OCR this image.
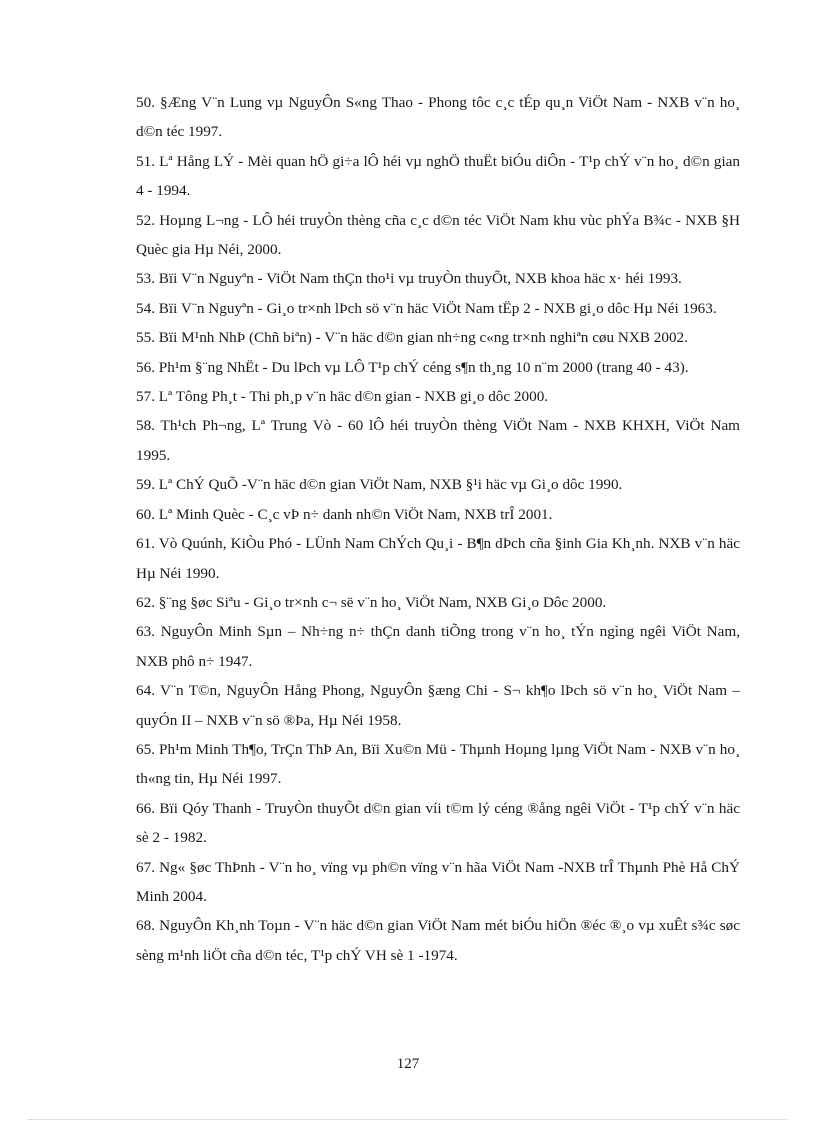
50. §Æng V¨n Lung vµ NguyÔn S«ng Thao - Phong tôc c¸c tÉp qu¸n ViÖt Nam - NXB v¨n ho¸ d©n téc 1997.

51. Lª Hång LÝ - Mèi quan hÖ gi÷a lÔ héi vµ nghÖ thuËt biÓu diÔn - T¹p chÝ v¨n ho¸ d©n gian 4 - 1994.

52. Hoµng L¬ng - LÔ héi truyÒn thèng cña c¸c d©n téc ViÖt Nam khu vùc phÝa B¾c - NXB §H Quèc gia Hµ Néi, 2000.

53. Bïi V¨n Nguyªn - ViÖt Nam thÇn tho¹i vµ truyÒn thuyÕt, NXB khoa häc x· héi 1993.

54. Bïi V¨n Nguyªn - Gi¸o tr×nh lÞch sö v¨n häc ViÖt Nam tËp 2 - NXB gi¸o dôc Hµ Néi 1963.

55. Bïi M¹nh NhÞ (Chñ biªn) - V¨n häc d©n gian nh÷ng c«ng tr×nh nghiªn cøu NXB 2002.

56. Ph¹m §¨ng NhËt - Du lÞch vµ LÔ T¹p chÝ céng s¶n th¸ng 10 n¨m 2000 (trang 40 - 43).

57. Lª Tông Ph¸t - Thi ph¸p v¨n häc d©n gian - NXB gi¸o dôc 2000.

58. Th¹ch Ph¬ng, Lª Trung Vò - 60 lÔ héi truyÒn thèng ViÖt Nam - NXB KHXH, ViÖt Nam 1995.

59. Lª ChÝ QuÕ -V¨n häc d©n gian ViÖt Nam, NXB §¹i häc vµ Gi¸o dôc 1990.

60. Lª Minh Quèc - C¸c vÞ n÷ danh nh©n ViÖt Nam, NXB trÎ 2001.

61. Vò Quúnh, KiÒu Phó - LÜnh Nam ChÝch Qu¸i - B¶n dÞch cña §inh Gia Kh¸nh. NXB v¨n häc Hµ Néi 1990.

62. §¨ng §øc Siªu - Gi¸o tr×nh c¬ së v¨n ho¸ ViÖt Nam, NXB Gi¸o Dôc 2000.

63. NguyÔn Minh Sµn – Nh÷ng n÷ thÇn danh tiÕng trong v¨n ho¸ tÝn ngìng ngêi ViÖt Nam, NXB phô n÷ 1947.

64. V¨n T©n, NguyÔn Hång Phong, NguyÔn §æng Chi - S¬ kh¶o lÞch sö v¨n ho¸ ViÖt Nam – quyÓn II – NXB v¨n sö ®Þa, Hµ Néi 1958.

65. Ph¹m Minh Th¶o, TrÇn ThÞ An, Bïi Xu©n Mü - Thµnh Hoµng lµng ViÖt Nam - NXB v¨n ho¸ th«ng tin, Hµ Néi 1997.

66. Bïi Qóy Thanh - TruyÒn thuyÕt d©n gian víi t©m lý céng ®ång ngêi ViÖt - T¹p chÝ v¨n häc sè 2 - 1982.

67. Ng« §øc ThÞnh - V¨n ho¸ vïng vµ ph©n vïng v¨n hãa ViÖt Nam -NXB trÎ Thµnh Phè Hå ChÝ Minh 2004.

68. NguyÔn Kh¸nh Toµn - V¨n häc d©n gian ViÖt Nam mét biÓu hiÖn ®éc ®¸o vµ xuÊt s¾c søc sèng m¹nh liÖt cña d©n téc, T¹p chÝ VH sè 1 -1974.

127
